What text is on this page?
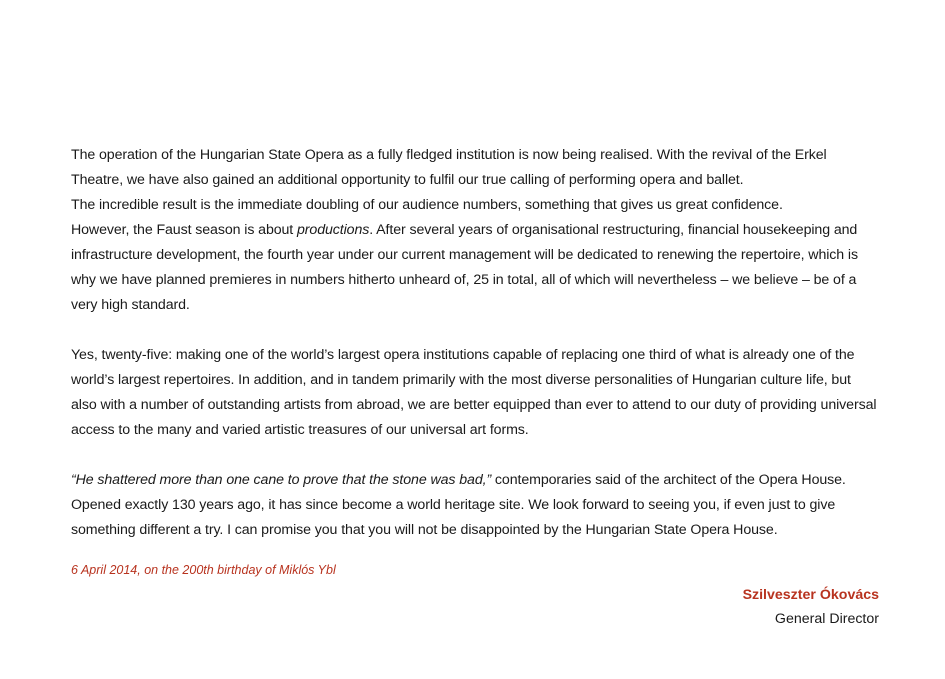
The operation of the Hungarian State Opera as a fully fledged institution is now being realised. With the revival of the Erkel Theatre, we have also gained an additional opportunity to fulfil our true calling of performing opera and ballet.
The incredible result is the immediate doubling of our audience numbers, something that gives us great confidence.
However, the Faust season is about productions. After several years of organisational restructuring, financial housekeeping and infrastructure development, the fourth year under our current management will be dedicated to renewing the repertoire, which is why we have planned premieres in numbers hitherto unheard of, 25 in total, all of which will nevertheless – we believe – be of a very high standard.

Yes, twenty-five: making one of the world’s largest opera institutions capable of replacing one third of what is already one of the world’s largest repertoires. In addition, and in tandem primarily with the most diverse personalities of Hungarian culture life, but also with a number of outstanding artists from abroad, we are better equipped than ever to attend to our duty of providing universal access to the many and varied artistic treasures of our universal art forms.

“He shattered more than one cane to prove that the stone was bad,” contemporaries said of the architect of the Opera House. Opened exactly 130 years ago, it has since become a world heritage site. We look forward to seeing you, if even just to give something different a try. I can promise you that you will not be disappointed by the Hungarian State Opera House.

6 April 2014, on the 200th birthday of Miklós Ybl
Szilveszter Ókovács
General Director
